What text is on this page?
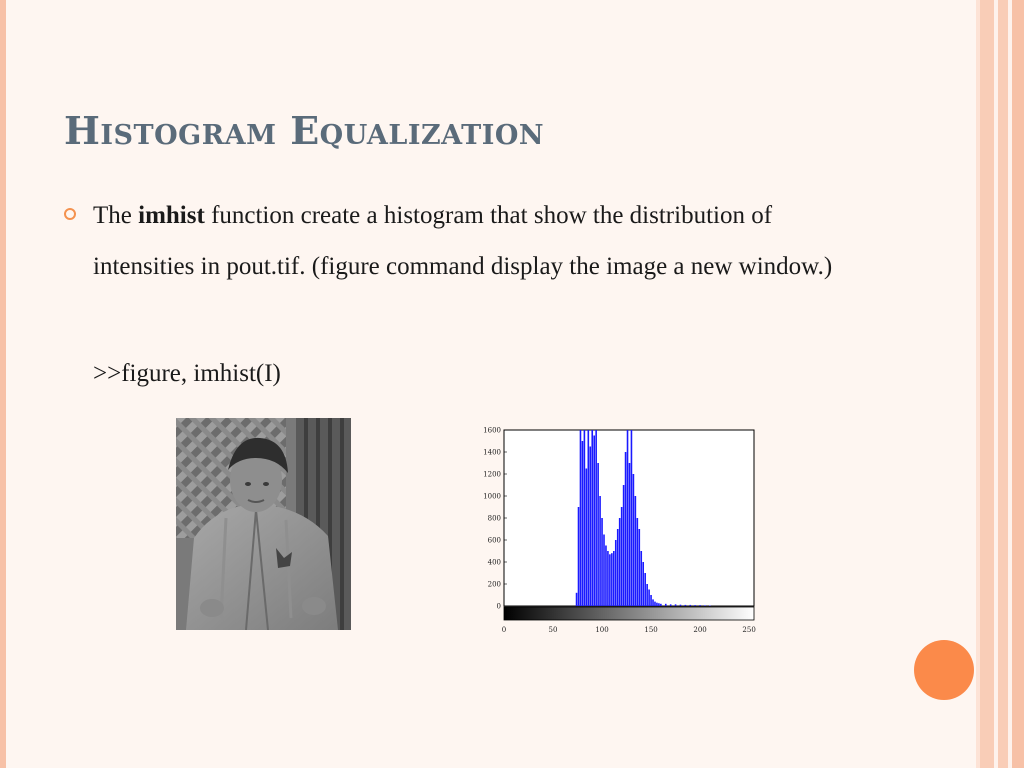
Histogram Equalization

The imhist function create a histogram that show the distribution of intensities in pout.tif. (figure command display the image a new window.)

>>figure, imhist(I)

0
200
400
600
800
1000
1200
1400
1600
0	50	100	150	200	250
